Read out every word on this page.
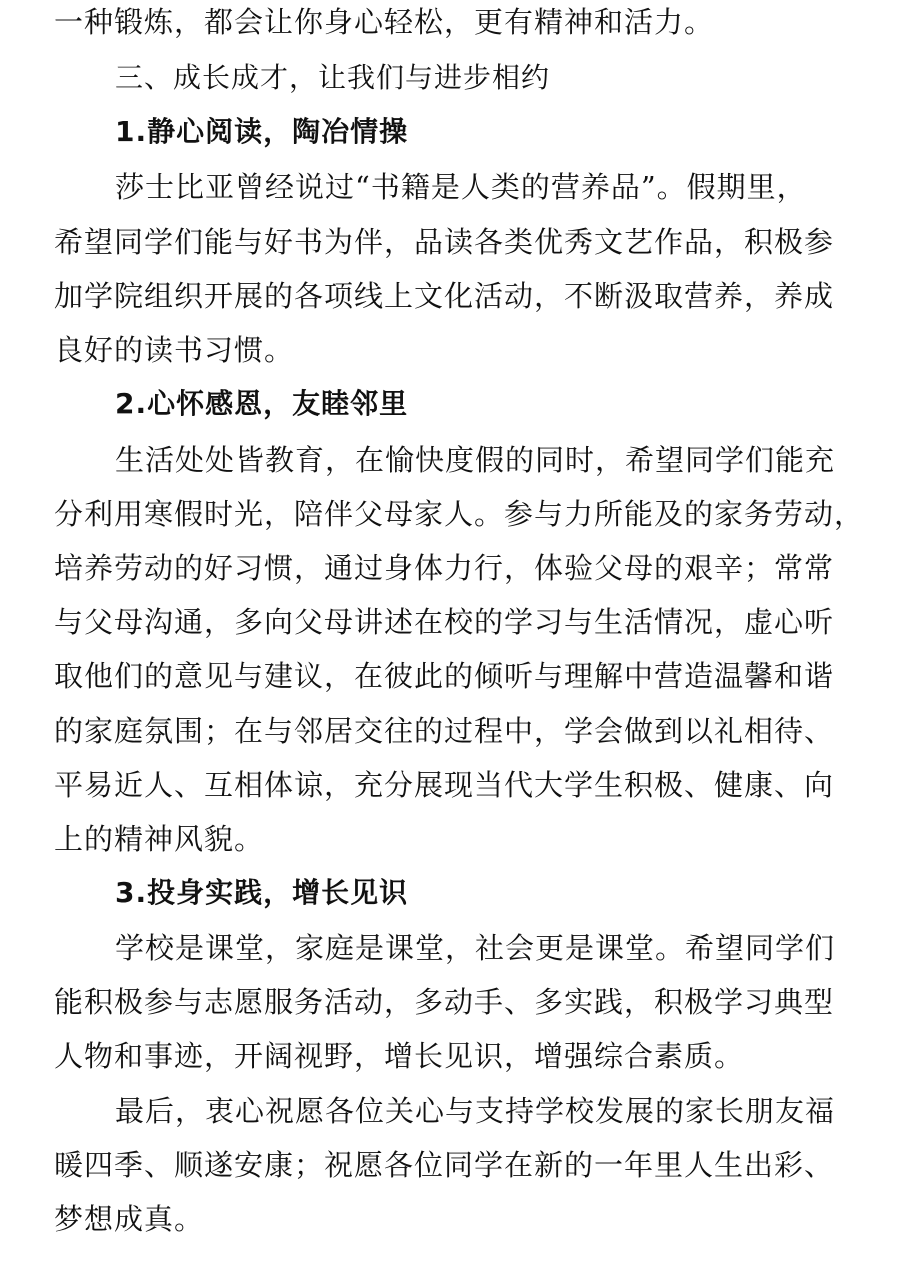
一种锻炼，都会让你身心轻松，更有精神和活力。
三、成长成才，让我们与进步相约
1.静心阅读，陶冶情操
莎士比亚曾经说过“书籍是人类的营养品”。假期里，
希望同学们能与好书为伴，品读各类优秀文艺作品，积极参
加学院组织开展的各项线上文化活动，不断汲取营养，养成
良好的读书习惯。
2.心怀感恩，友睦邻里
生活处处皆教育，在愉快度假的同时，希望同学们能充
分利用寒假时光，陪伴父母家人。参与力所能及的家务劳动，
培养劳动的好习惯，通过身体力行，体验父母的艰辛；常常
与父母沟通，多向父母讲述在校的学习与生活情况，虚心听
取他们的意见与建议，在彼此的倾听与理解中营造温馨和谐
的家庭氛围；在与邻居交往的过程中，学会做到以礼相待、
平易近人、互相体谅，充分展现当代大学生积极、健康、向
上的精神风貌。
3.投身实践，增长见识
学校是课堂，家庭是课堂，社会更是课堂。希望同学们
能积极参与志愿服务活动，多动手、多实践，积极学习典型
人物和事迹，开阔视野，增长见识，增强综合素质。
最后，衷心祝愿各位关心与支持学校发展的家长朋友福
暖四季、顺遂安康；祝愿各位同学在新的一年里人生出彩、
梦想成真。
